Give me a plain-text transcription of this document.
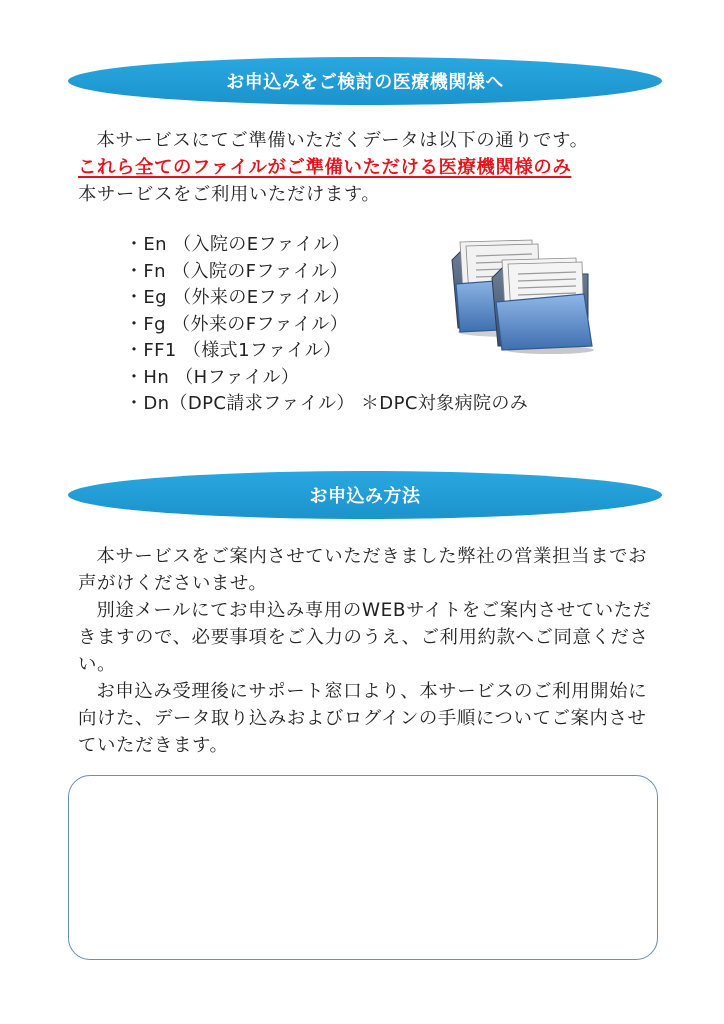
お申込みをご検討の医療機関様へ
本サービスにてご準備いただくデータは以下の通りです。
これら全てのファイルがご準備いただける医療機関様のみ
本サービスをご利用いただけます。
・En （入院のEファイル）
・Fn （入院のFファイル）
・Eg （外来のEファイル）
・Fg （外来のFファイル）
・FF1 （様式1ファイル）
・Hn （Hファイル）
・Dn（DPC請求ファイル） ＊DPC対象病院のみ
お申込み方法

本サービスをご案内させていただきました弊社の営業担当までお声がけくださいませ。

別途メールにてお申込み専用のWEBサイトをご案内させていただきますので、必要事項をご入力のうえ、ご利用約款へご同意ください。

お申込み受理後にサポート窓口より、本サービスのご利用開始に向けた、データ取り込みおよびログインの手順についてご案内させていただきます。
